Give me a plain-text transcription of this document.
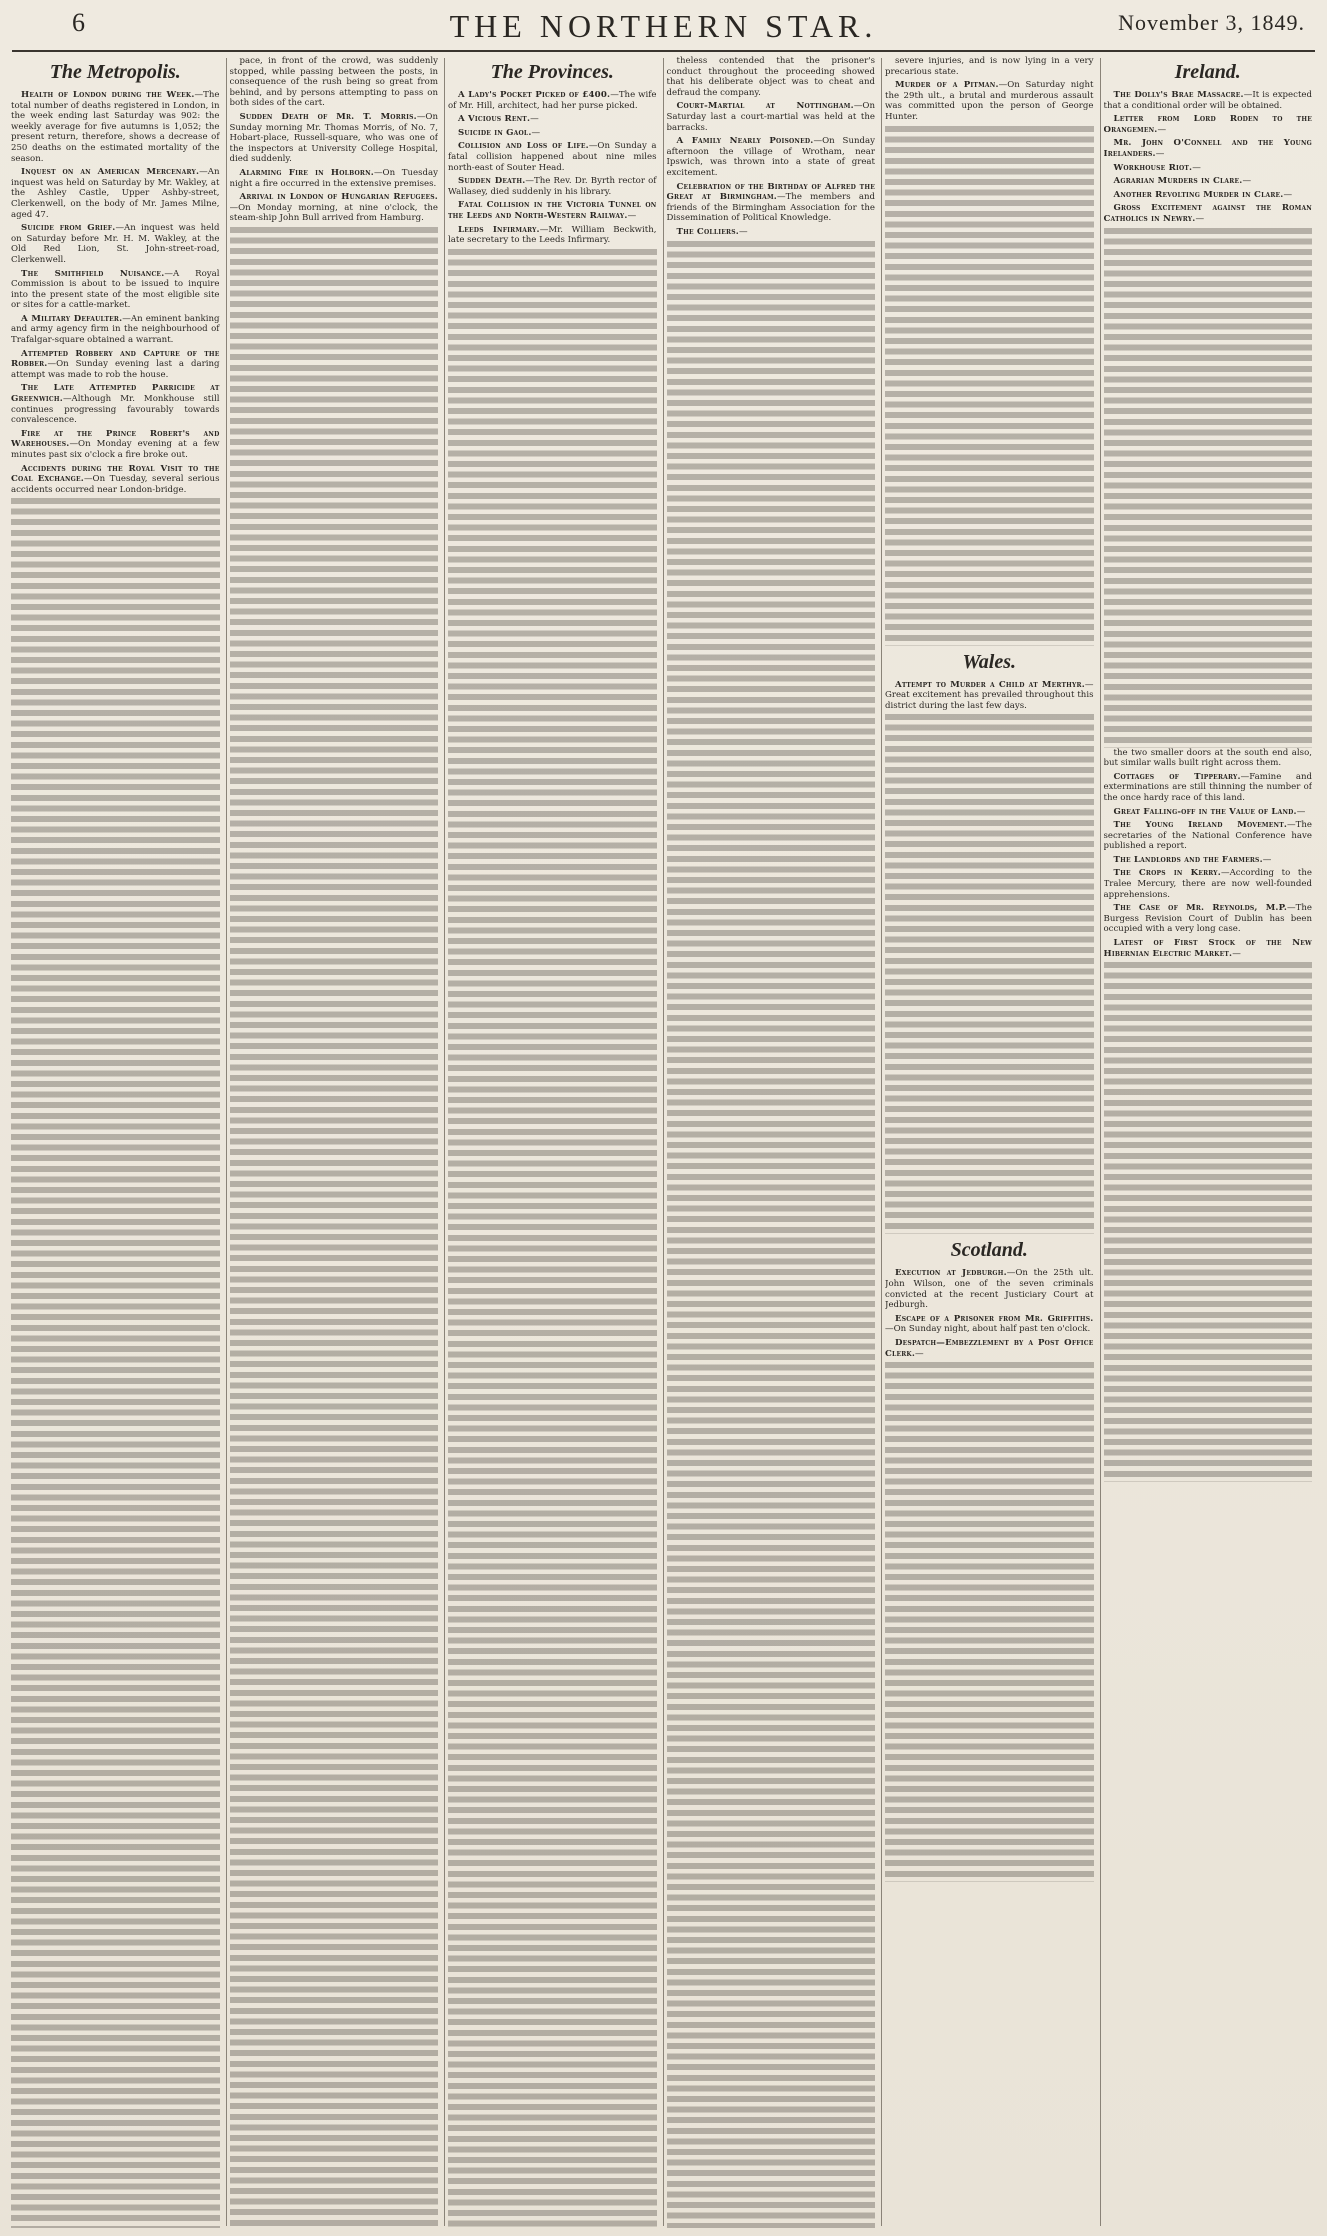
6	THE NORTHERN STAR.	November 3, 1849.
The Metropolis.

Health of London during the Week.—The total number of deaths registered in London, in the week ending last Saturday was 902: the weekly average for five autumns is 1,052; the present return, therefore, shows a decrease of 250 deaths on the estimated mortality of the season.

Inquest on an American Mercenary.—An inquest was held on Saturday by Mr. Wakley, at the Ashley Castle, Upper Ashby-street, Clerkenwell, on the body of Mr. James Milne, aged 47.

Suicide from Grief.—An inquest was held on Saturday before Mr. H. M. Wakley, at the Old Red Lion, St. John-street-road, Clerkenwell.

The Smithfield Nuisance.—A Royal Commission is about to be issued to inquire into the present state of the most eligible site or sites for a cattle-market.

A Military Defaulter.—An eminent banking and army agency firm in the neighbourhood of Trafalgar-square obtained a warrant.

Attempted Robbery and Capture of the Robber.—On Sunday evening last a daring attempt was made to rob the house.

The Late Attempted Parricide at Greenwich.—Although Mr. Monkhouse still continues progressing favourably towards convalescence.

Fire at the Prince Robert's and Warehouses.—On Monday evening at a few minutes past six o'clock a fire broke out.

Accidents during the Royal Visit to the Coal Exchange.—On Tuesday, several serious accidents occurred near London-bridge.

pace, in front of the crowd, was suddenly stopped, while passing between the posts, in consequence of the rush being so great from behind, and by persons attempting to pass on both sides of the cart.

Sudden Death of Mr. T. Morris.—On Sunday morning Mr. Thomas Morris, of No. 7, Hobart-place, Russell-square, who was one of the inspectors at University College Hospital, died suddenly.

Alarming Fire in Holborn.—On Tuesday night a fire occurred in the extensive premises.

Arrival in London of Hungarian Refugees.—On Monday morning, at nine o'clock, the steam-ship John Bull arrived from Hamburg.

The Provinces.

A Lady's Pocket Picked of £400.—The wife of Mr. Hill, architect, had her purse picked.

A Vicious Rent.—

Suicide in Gaol.—

Collision and Loss of Life.—On Sunday a fatal collision happened about nine miles north-east of Souter Head.

Sudden Death.—The Rev. Dr. Byrth rector of Wallasey, died suddenly in his library.

Fatal Collision in the Victoria Tunnel on the Leeds and North-Western Railway.—

Leeds Infirmary.—Mr. William Beckwith, late secretary to the Leeds Infirmary.

theless contended that the prisoner's conduct throughout the proceeding showed that his deliberate object was to cheat and defraud the company.

Court-Martial at Nottingham.—On Saturday last a court-martial was held at the barracks.

A Family Nearly Poisoned.—On Sunday afternoon the village of Wrotham, near Ipswich, was thrown into a state of great excitement.

Celebration of the Birthday of Alfred the Great at Birmingham.—The members and friends of the Birmingham Association for the Dissemination of Political Knowledge.

The Colliers.—

severe injuries, and is now lying in a very precarious state.

Murder of a Pitman.—On Saturday night the 29th ult., a brutal and murderous assault was committed upon the person of George Hunter.

Wales.

Attempt to Murder a Child at Merthyr.—Great excitement has prevailed throughout this district during the last few days.

Scotland.

Execution at Jedburgh.—On the 25th ult. John Wilson, one of the seven criminals convicted at the recent Justiciary Court at Jedburgh.

Escape of a Prisoner from Mr. Griffiths.—On Sunday night, about half past ten o'clock.

Despatch—Embezzlement by a Post Office Clerk.—

Ireland.

The Dolly's Brae Massacre.—It is expected that a conditional order will be obtained.

Letter from Lord Roden to the Orangemen.—

Mr. John O'Connell and the Young Irelanders.—

Workhouse Riot.—

Agrarian Murders in Clare.—

Another Revolting Murder in Clare.—

Gross Excitement against the Roman Catholics in Newry.—

the two smaller doors at the south end also, but similar walls built right across them.

Cottages of Tipperary.—Famine and exterminations are still thinning the number of the once hardy race of this land.

Great Falling-off in the Value of Land.—

The Young Ireland Movement.—The secretaries of the National Conference have published a report.

The Landlords and the Farmers.—

The Crops in Kerry.—According to the Tralee Mercury, there are now well-founded apprehensions.

The Case of Mr. Reynolds, M.P.—The Burgess Revision Court of Dublin has been occupied with a very long case.

Latest of First Stock of the New Hibernian Electric Market.—
